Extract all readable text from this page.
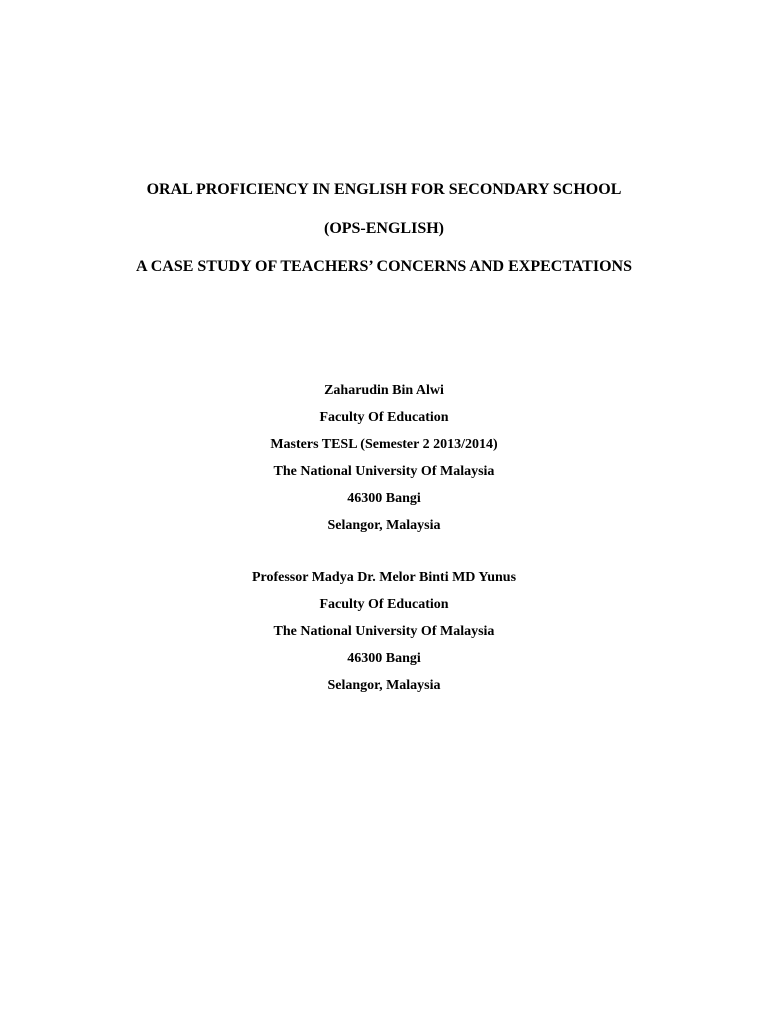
ORAL PROFICIENCY IN ENGLISH FOR SECONDARY SCHOOL
(OPS-ENGLISH)
A CASE STUDY OF TEACHERS’ CONCERNS AND EXPECTATIONS
Zaharudin Bin Alwi
Faculty Of Education
Masters TESL (Semester 2 2013/2014)
The National University Of Malaysia
46300 Bangi
Selangor, Malaysia
Professor Madya Dr. Melor Binti MD Yunus
Faculty Of Education
The National University Of Malaysia
46300 Bangi
Selangor, Malaysia
